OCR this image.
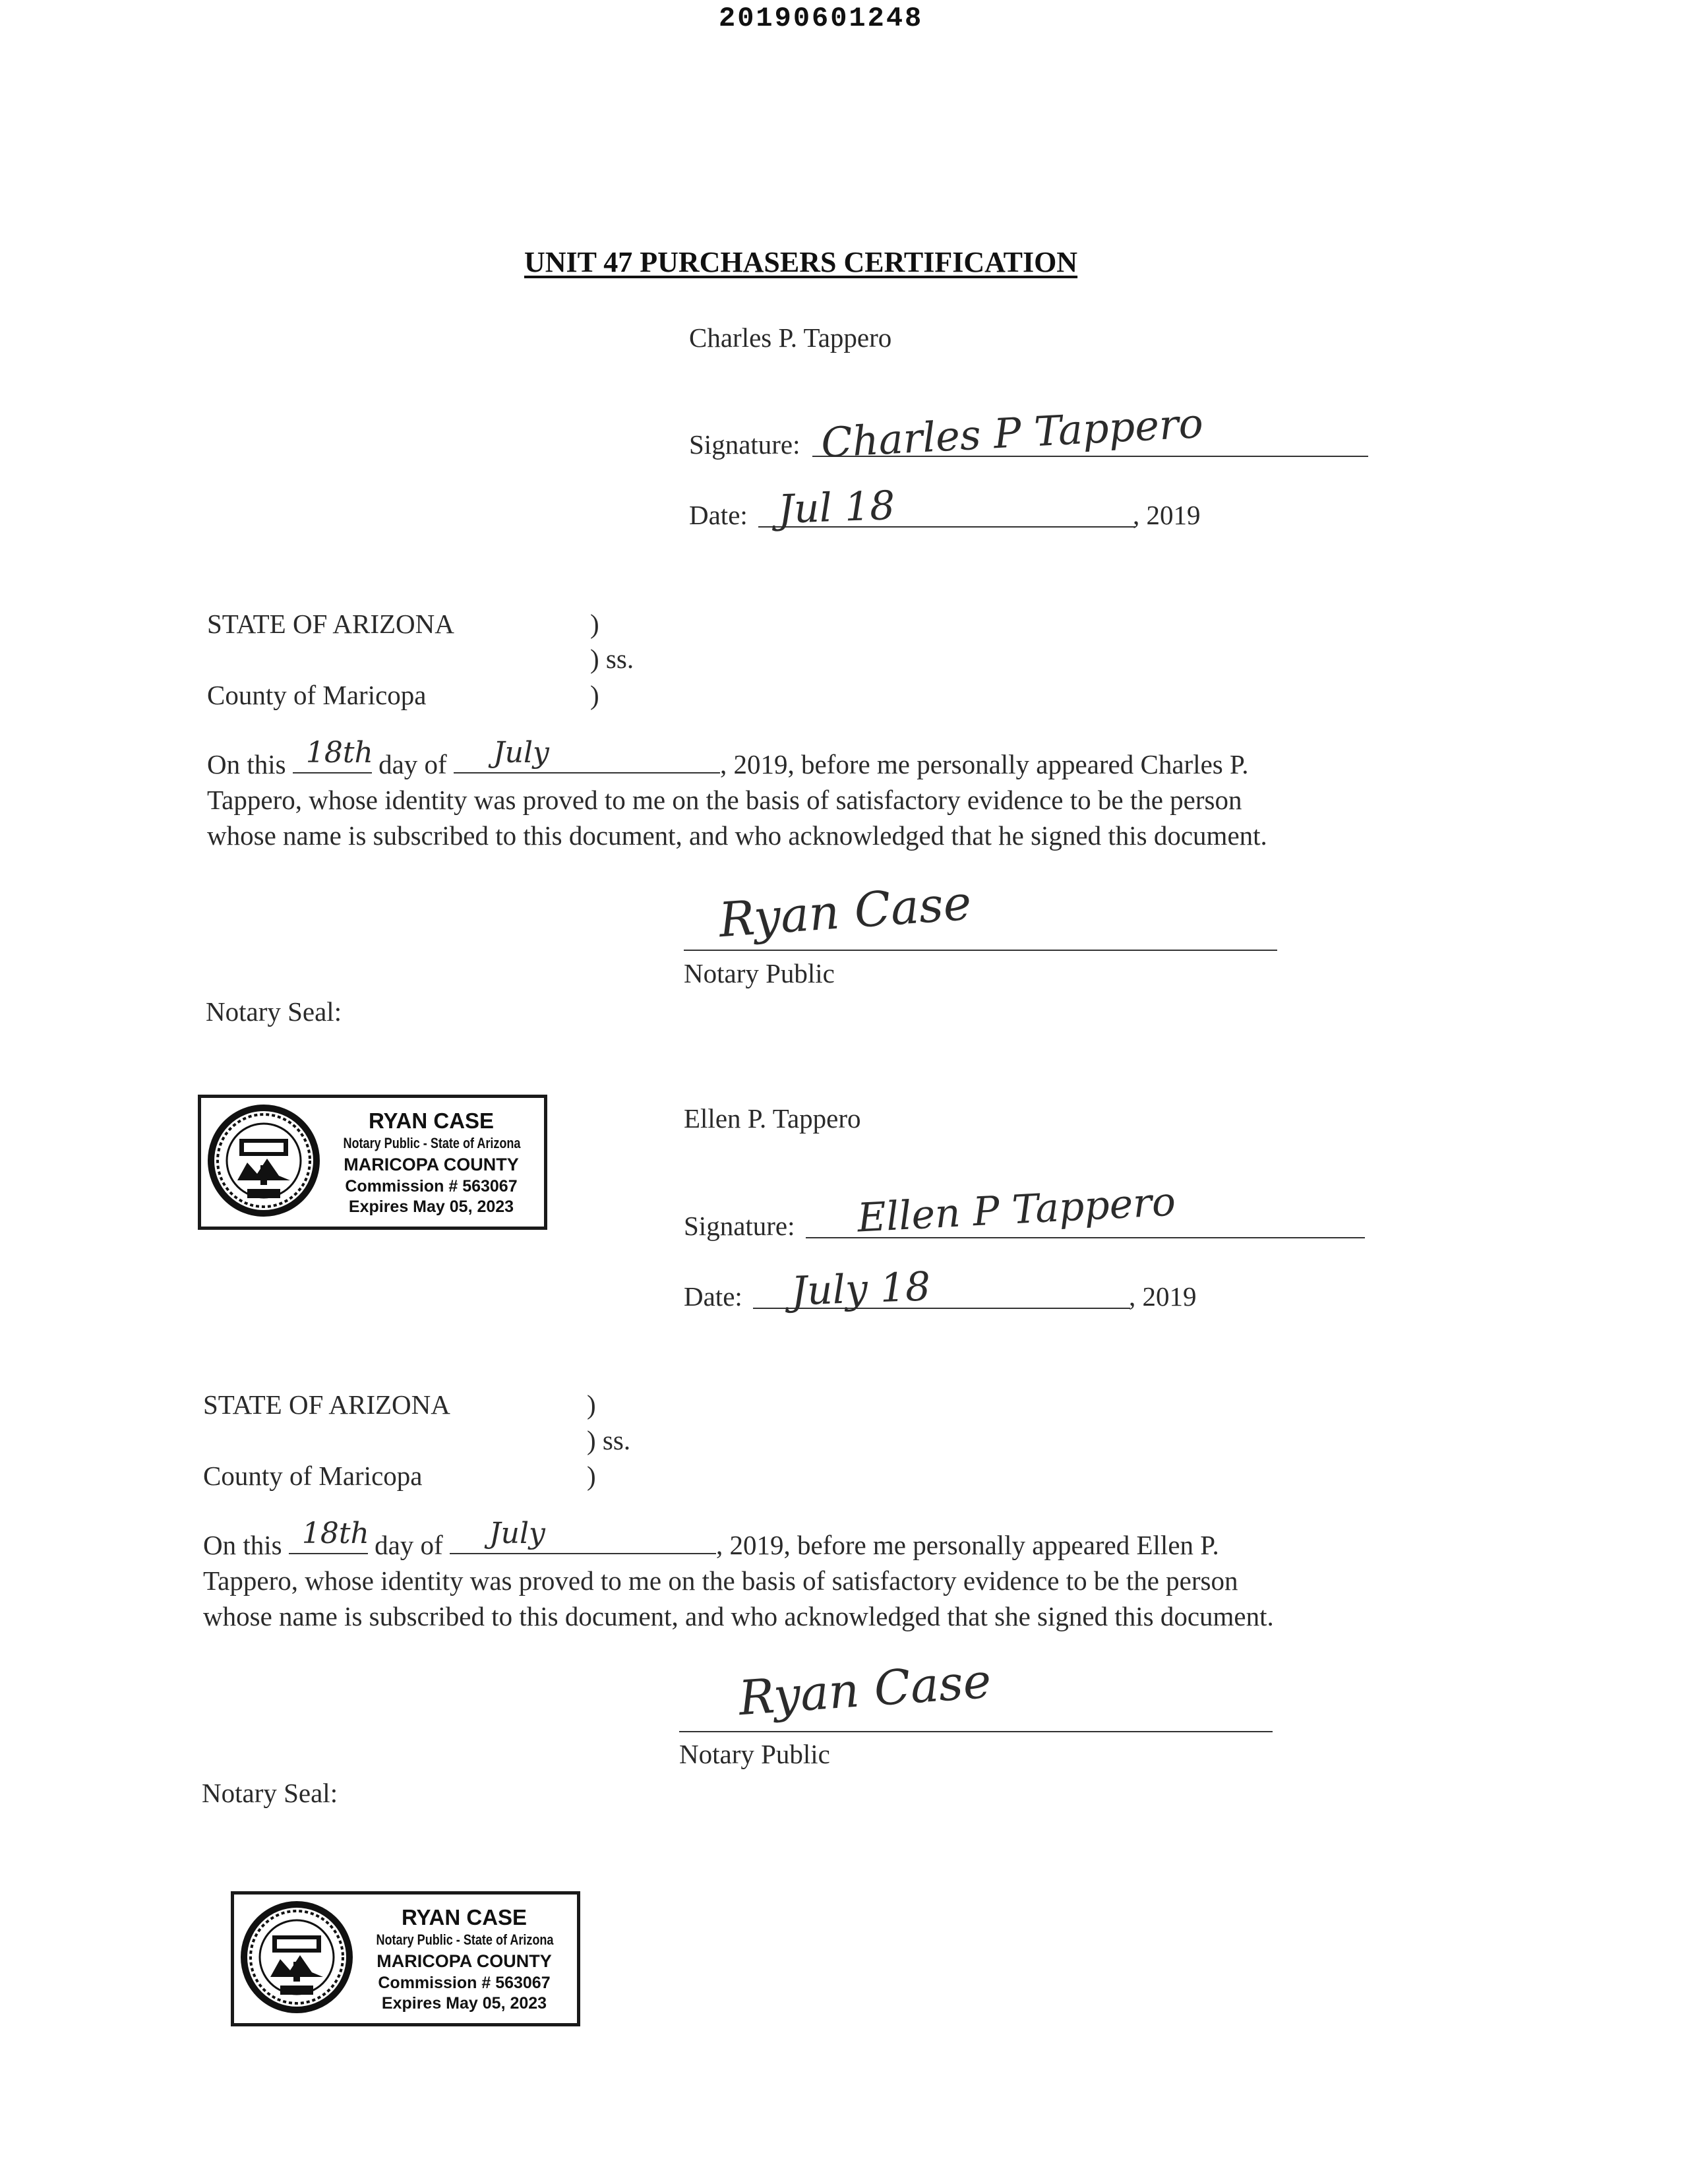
20190601248
UNIT 47 PURCHASERS CERTIFICATION
Charles P. Tappero
Signature: Charles P Tappero
Date: Jul 18	, 2019
STATE OF ARIZONA	)
) ss.
County of Maricopa	)
On this 18th day of July	, 2019, before me personally appeared Charles P.
Tappero, whose identity was proved to me on the basis of satisfactory evidence to be the person
whose name is subscribed to this document, and who acknowledged that he signed this document.
Ryan Case
Notary Public
Notary Seal:
RYAN CASE
Notary Public - State of Arizona
MARICOPA COUNTY
Commission # 563067
Expires May 05, 2023
Ellen P. Tappero
Signature: Ellen P Tappero
Date: July 18	, 2019
STATE OF ARIZONA	)
) ss.
County of Maricopa	)
On this 18th day of July	, 2019, before me personally appeared Ellen P.
Tappero, whose identity was proved to me on the basis of satisfactory evidence to be the person
whose name is subscribed to this document, and who acknowledged that she signed this document.
Ryan Case
Notary Public
Notary Seal:
RYAN CASE
Notary Public - State of Arizona
MARICOPA COUNTY
Commission # 563067
Expires May 05, 2023
